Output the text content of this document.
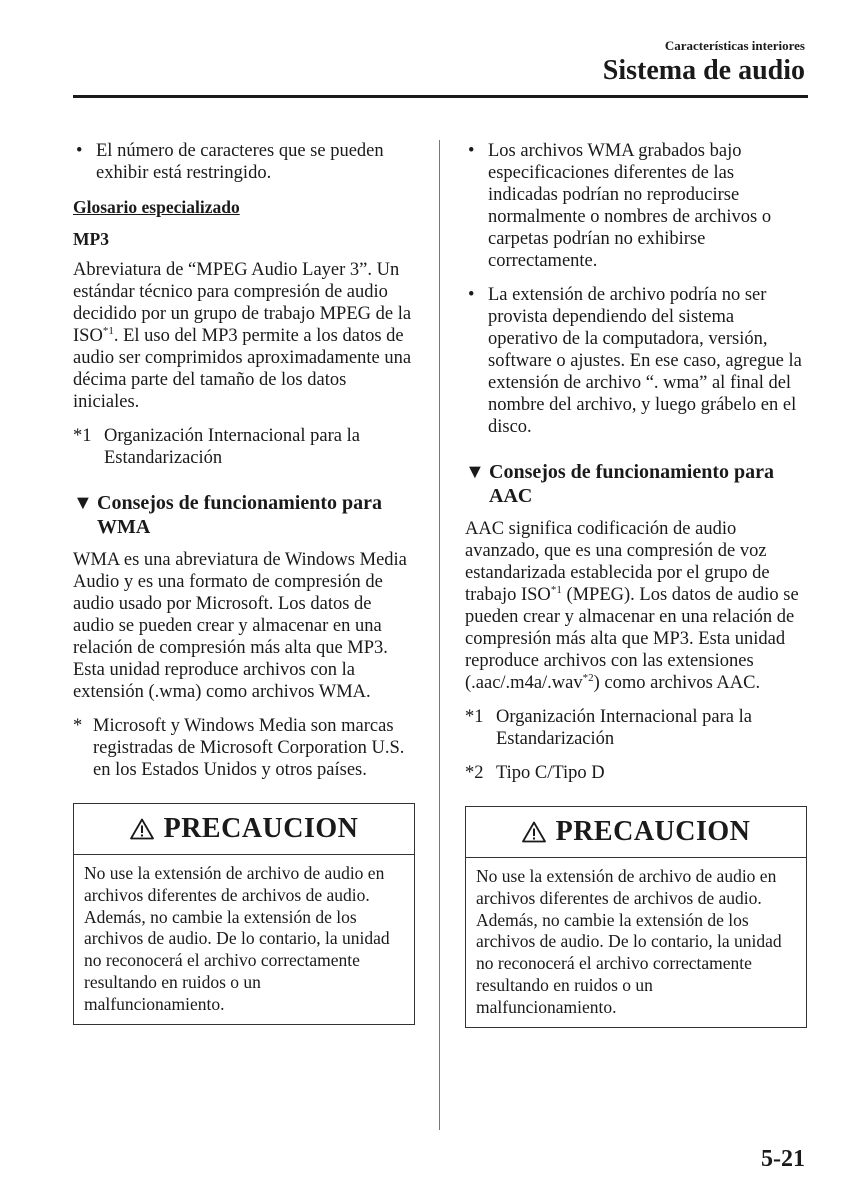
Características interiores
Sistema de audio
• El número de caracteres que se pueden exhibir está restringido.
Glosario especializado
MP3

Abreviatura de “MPEG Audio Layer 3”. Un estándar técnico para compresión de audio decidido por un grupo de trabajo MPEG de la ISO$^{*1}$. El uso del MP3 permite a los datos de audio ser comprimidos aproximadamente una décima parte del tamaño de los datos iniciales.

*1 Organización Internacional para la Estandarización
▼ Consejos de funcionamiento para WMA

WMA es una abreviatura de Windows Media Audio y es una formato de compresión de audio usado por Microsoft. Los datos de audio se pueden crear y almacenar en una relación de compresión más alta que MP3.

Esta unidad reproduce archivos con la extensión (.wma) como archivos WMA.

* Microsoft y Windows Media son marcas registradas de Microsoft Corporation U.S. en los Estados Unidos y otros países.
PRECAUCION
No use la extensión de archivo de audio en archivos diferentes de archivos de audio. Además, no cambie la extensión de los archivos de audio. De lo contario, la unidad no reconocerá el archivo correctamente resultando en ruidos o un malfuncionamiento.
• Los archivos WMA grabados bajo especificaciones diferentes de las indicadas podrían no reproducirse normalmente o nombres de archivos o carpetas podrían no exhibirse correctamente.
• La extensión de archivo podría no ser provista dependiendo del sistema operativo de la computadora, versión, software o ajustes. En ese caso, agregue la extensión de archivo “. wma” al final del nombre del archivo, y luego grábelo en el disco.
▼ Consejos de funcionamiento para AAC

AAC significa codificación de audio avanzado, que es una compresión de voz estandarizada establecida por el grupo de trabajo ISO$^{*1}$ (MPEG). Los datos de audio se pueden crear y almacenar en una relación de compresión más alta que MP3. Esta unidad reproduce archivos con las extensiones (.aac/.m4a/.wav$^{*2}$) como archivos AAC.

*1 Organización Internacional para la Estandarización
*2 Tipo C/Tipo D
PRECAUCION
No use la extensión de archivo de audio en archivos diferentes de archivos de audio. Además, no cambie la extensión de los archivos de audio. De lo contario, la unidad no reconocerá el archivo correctamente resultando en ruidos o un malfuncionamiento.
5-21
